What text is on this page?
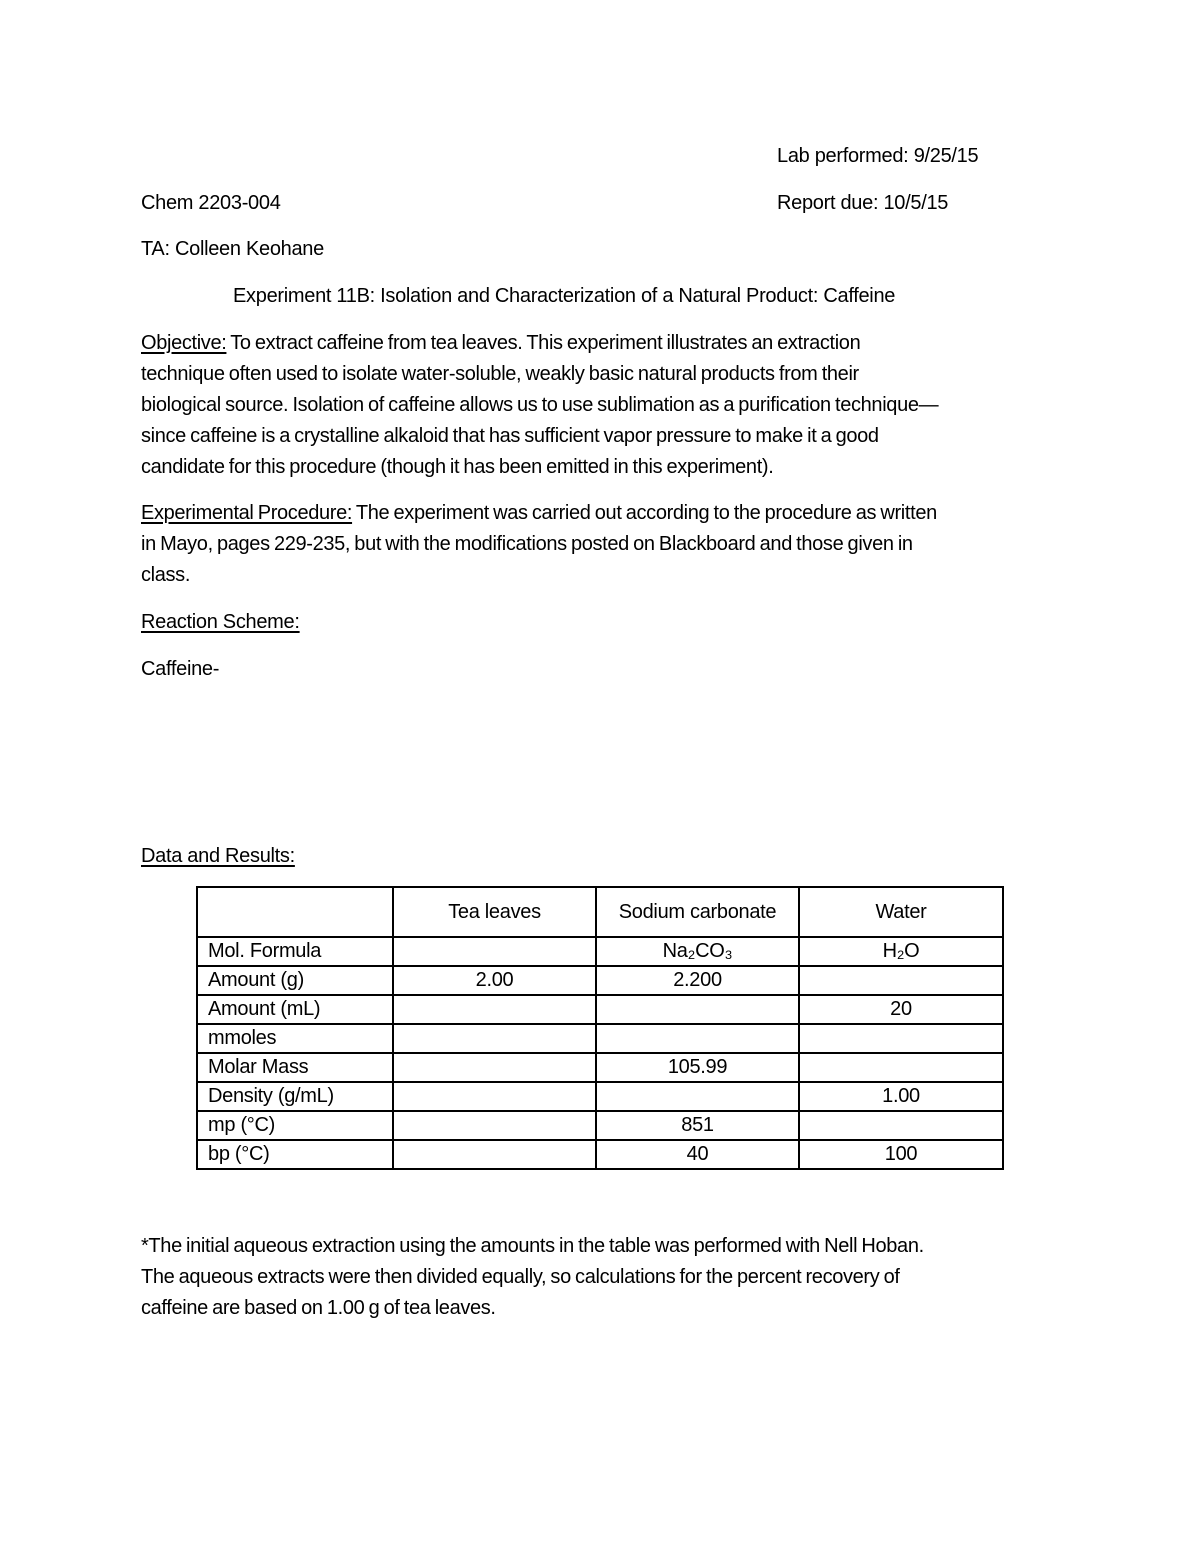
Lab performed: 9/25/15
Chem 2203-004	Report due: 10/5/15
TA: Colleen Keohane
Experiment 11B: Isolation and Characterization of a Natural Product: Caffeine
Objective: To extract caffeine from tea leaves. This experiment illustrates an extraction
technique often used to isolate water-soluble, weakly basic natural products from their
biological source. Isolation of caffeine allows us to use sublimation as a purification technique—
since caffeine is a crystalline alkaloid that has sufficient vapor pressure to make it a good
candidate for this procedure (though it has been emitted in this experiment).
Experimental Procedure: The experiment was carried out according to the procedure as written
in Mayo, pages 229-235, but with the modifications posted on Blackboard and those given in
class.
Reaction Scheme:
Caffeine-
Data and Results:
	Tea leaves	Sodium carbonate	Water
Mol. Formula		Na₂CO₃	H₂O
Amount (g)	2.00	2.200	
Amount (mL)			20
mmoles			
Molar Mass		105.99	
Density (g/mL)			1.00
mp (°C)		851	
bp (°C)		40	100
*The initial aqueous extraction using the amounts in the table was performed with Nell Hoban.
The aqueous extracts were then divided equally, so calculations for the percent recovery of
caffeine are based on 1.00 g of tea leaves.
